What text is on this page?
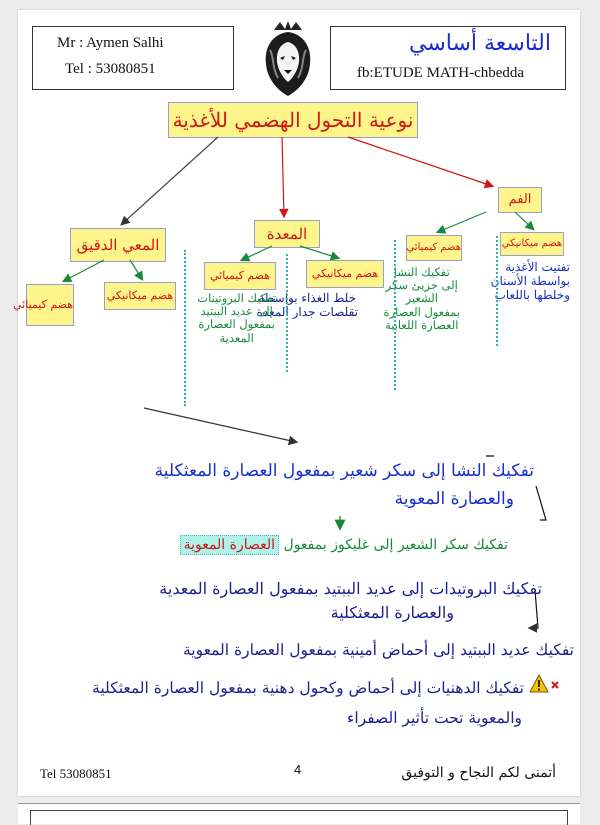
Mr : Aymen Salhi
Tel : 53080851
التاسعة أساسي
fb:ETUDE MATH-chbedda
نوعية التحول الهضمي للأغذية
الفم
المعدة
المعي الدقيق	هضم ميكانيكي
هضم كيميائي
هضم ميكانيكي
هضم كيميائي
هضم ميكانيكي
هضم كيميائي
تفتيت الأغذية
بواسطة الأسنان
وخلطها باللعاب
تفكيك النشا
إلى جزيئ سكر
الشعير
بمفعول العصارة
العصارة اللعابية
خلط الغذاء بواسطة
تقلصات جدار المعدة
تفكيك البروتينات
إلى عديد الببتيد
بمفعول العصارة
المعدية
تفكيك النشا إلى سكر شعير بمفعول العصارة المعثكلية
والعصارة المعوية
تفكيك سكر الشعير إلى غليكوز بمفعول العصارة المعوية
تفكيك البروتيدات إلى عديد الببتيد بمفعول العصارة المعدية
والعصارة المعثكلية
تفكيك عديد الببتيد إلى أحماض أمينية بمفعول العصارة المعوية
تفكيك الدهنيات إلى أحماض وكحول دهنية بمفعول العصارة المعثكلية
والمعوية تحت تأثير الصفراء
Tel 53080851	4	أتمنى لكم النجاح و التوفيق
